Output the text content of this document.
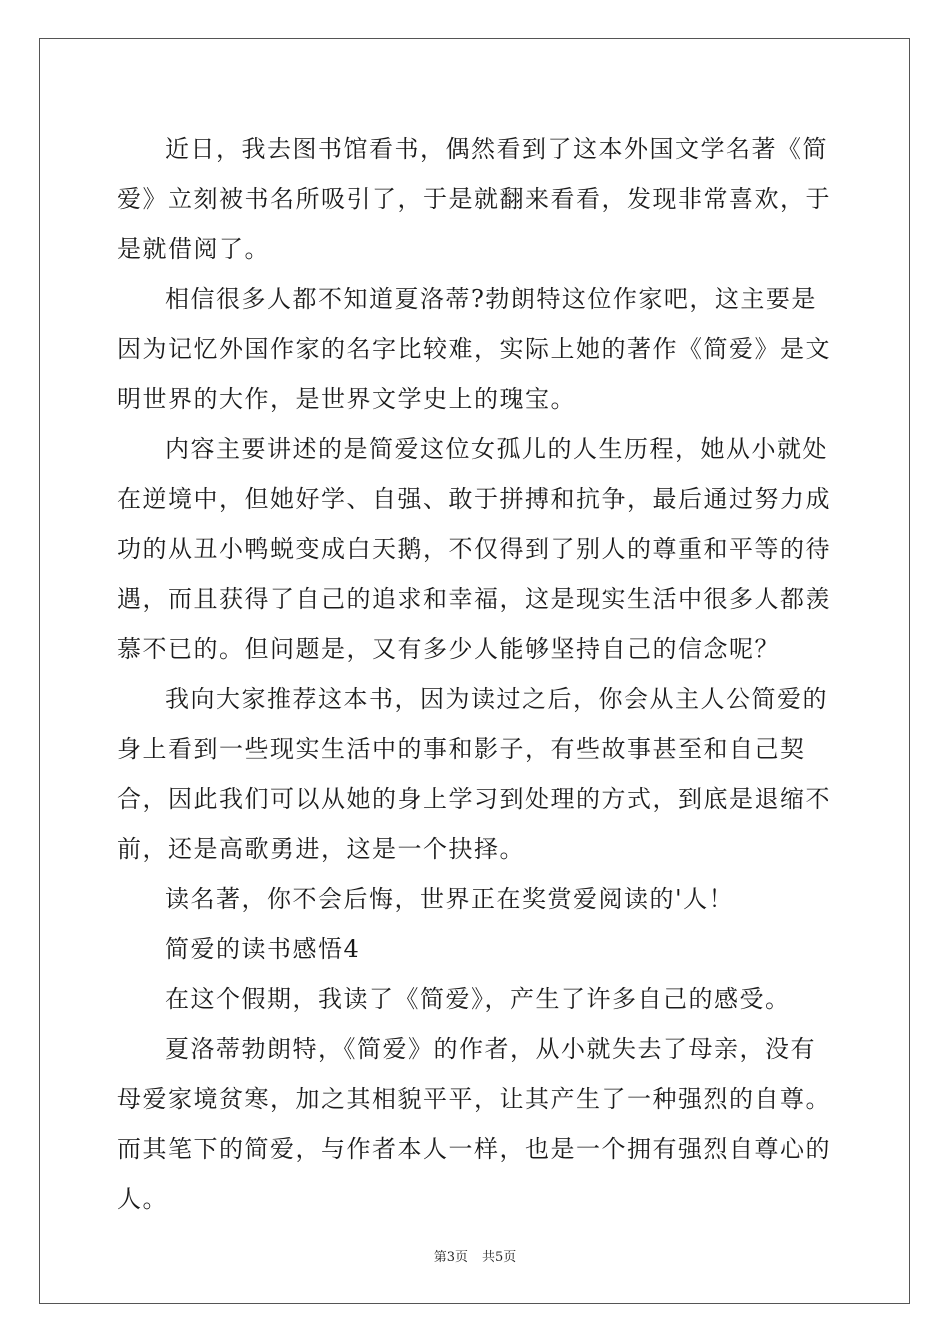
近日，我去图书馆看书，偶然看到了这本外国文学名著《简爱》立刻被书名所吸引了，于是就翻来看看，发现非常喜欢，于是就借阅了。

相信很多人都不知道夏洛蒂?勃朗特这位作家吧，这主要是因为记忆外国作家的名字比较难，实际上她的著作《简爱》是文明世界的大作，是世界文学史上的瑰宝。

内容主要讲述的是简爱这位女孤儿的人生历程，她从小就处在逆境中，但她好学、自强、敢于拼搏和抗争，最后通过努力成功的从丑小鸭蜕变成白天鹅，不仅得到了别人的尊重和平等的待遇，而且获得了自己的追求和幸福，这是现实生活中很多人都羡慕不已的。但问题是，又有多少人能够坚持自己的信念呢？

我向大家推荐这本书，因为读过之后，你会从主人公简爱的身上看到一些现实生活中的事和影子，有些故事甚至和自己契合，因此我们可以从她的身上学习到处理的方式，到底是退缩不前，还是高歌勇进，这是一个抉择。

读名著，你不会后悔，世界正在奖赏爱阅读的'人！

简爱的读书感悟4

在这个假期，我读了《简爱》，产生了许多自己的感受。

夏洛蒂勃朗特，《简爱》的作者，从小就失去了母亲，没有母爱家境贫寒，加之其相貌平平，让其产生了一种强烈的自尊。而其笔下的简爱，与作者本人一样，也是一个拥有强烈自尊心的人。

第3页 共5页
